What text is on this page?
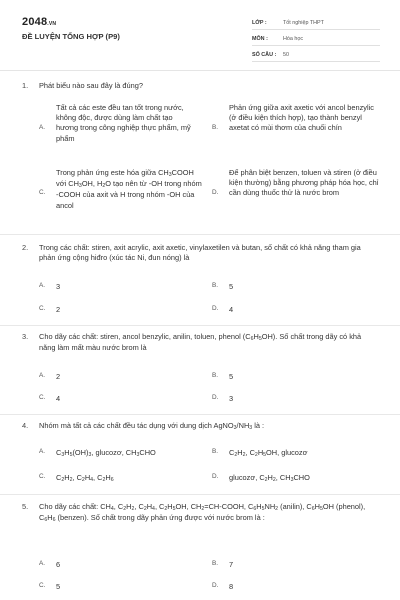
2048.VN
ĐỀ LUYỆN TỔNG HỢP (P9)
LỚP :	Tốt nghiệp THPT
MÔN :	Hóa học
SỐ CÂU :	50
1. Phát biểu nào sau đây là đúng?
A.
Tất cả các este đều tan tốt trong nước, không độc, được dùng làm chất tạo hương trong công nghiệp thực phẩm, mỹ phẩm
B.
Phản ứng giữa axit axetic với ancol benzylic (ở điều kiện thích hợp), tạo thành benzyl axetat có mùi thơm của chuối chín
C.
Trong phản ứng este hóa giữa $CH_3COOH$ với $CH_3OH$, $H_2O$ tạo nên từ -OH trong nhóm -COOH của axit và H trong nhóm -OH của ancol
D.
Để phân biệt benzen, toluen và stiren (ở điều kiện thường) bằng phương pháp hóa học, chỉ cần dùng thuốc thử là nước brom
2. Trong các chất: stiren, axit acrylic, axit axetic, vinylaxetilen và butan, số chất có khả năng tham gia phản ứng cộng hiđro (xúc tác Ni, đun nóng) là
A. 3	B. 5
C. 2	D. 4
3. Cho dãy các chất: stiren, ancol benzylic, anilin, toluen, phenol $(C_6H_5OH)$. Số chất trong dãy có khả năng làm mất màu nước brom là
A. 2	B. 5
C. 4	D. 3
4. Nhóm mà tất cả các chất đều tác dụng với dung dịch $AgNO_3/NH_3$ là :
A. $C_3H_5(OH)_3$, glucozơ, $CH_3CHO$	B. $C_2H_2$, $C_2H_5OH$, glucozơ
C. $C_2H_2$, $C_2H_4$, $C_2H_6$	D. glucozơ, $C_2H_2$, $CH_3CHO$
5. Cho dãy các chất: $CH_4$, $C_2H_2$, $C_2H_4$, $C_2H_5OH$, $CH_2=CH$-COOH, $C_6H_5NH_2$ (anilin), $C_6H_5OH$ (phenol), $C_6H_6$ (benzen). Số chất trong dãy phản ứng được với nước brom là :
A. 6	B. 7
C. 5	D. 8
